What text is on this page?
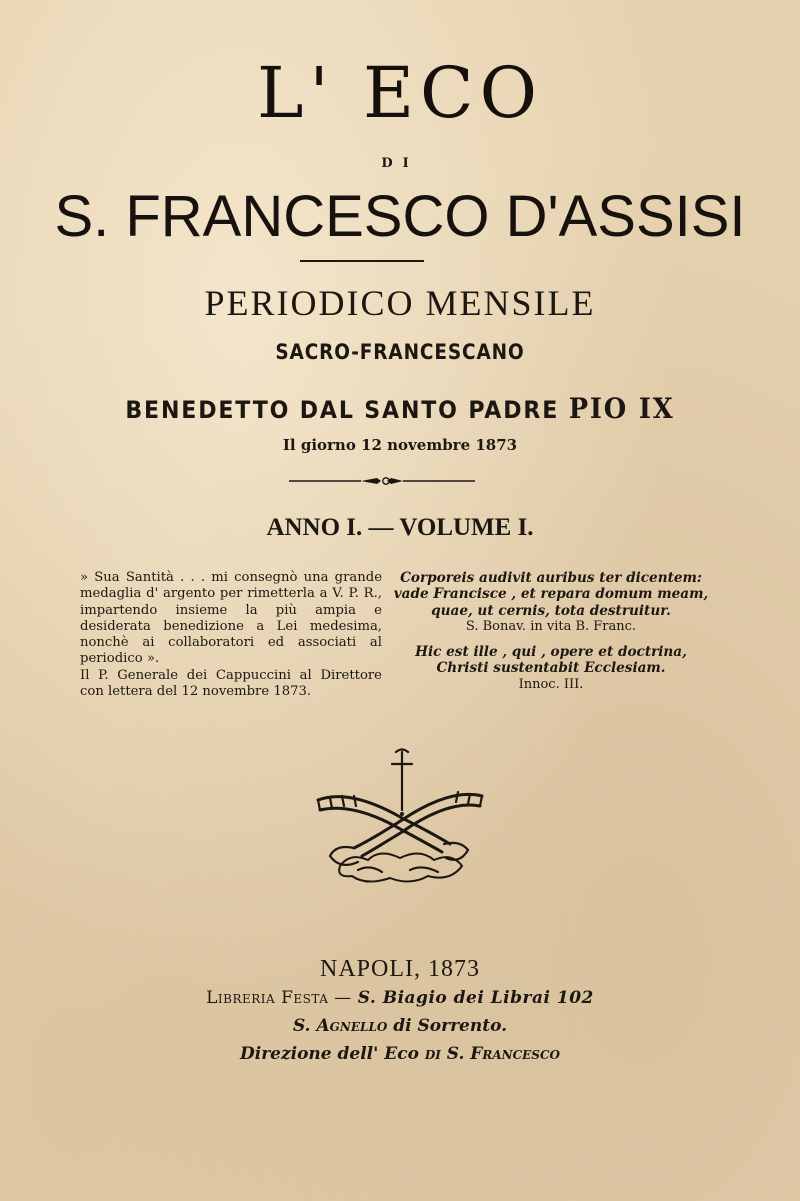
L' ECO
DI
S. FRANCESCO D'ASSISI
PERIODICO MENSILE
SACRO-FRANCESCANO
BENEDETTO DAL SANTO PADRE PIO IX
Il giorno 12 novembre 1873
ANNO I. — VOLUME I.

» Sua Santità . . . mi consegnò una grande medaglia d' argento per rimetterla a V. P. R., impartendo insieme la più ampia e desiderata benedizione a Lei medesima, nonchè ai collaboratori ed associati al periodico ».

Il P. Generale dei Cappuccini al Direttore con lettera del 12 novembre 1873.

Corporeis audivit auribus ter dicentem: vade Francisce , et repara domum meam, quae, ut cernis, tota destruitur.

S. Bonav. in vita B. Franc.

Hic est ille , qui , opere et doctrina, Christi sustentabit Ecclesiam.

Innoc. III.

NAPOLI, 1873
Libreria Festa — S. Biagio dei Librai 102
S. Agnello di Sorrento.
Direzione dell' Eco di S. Francesco
